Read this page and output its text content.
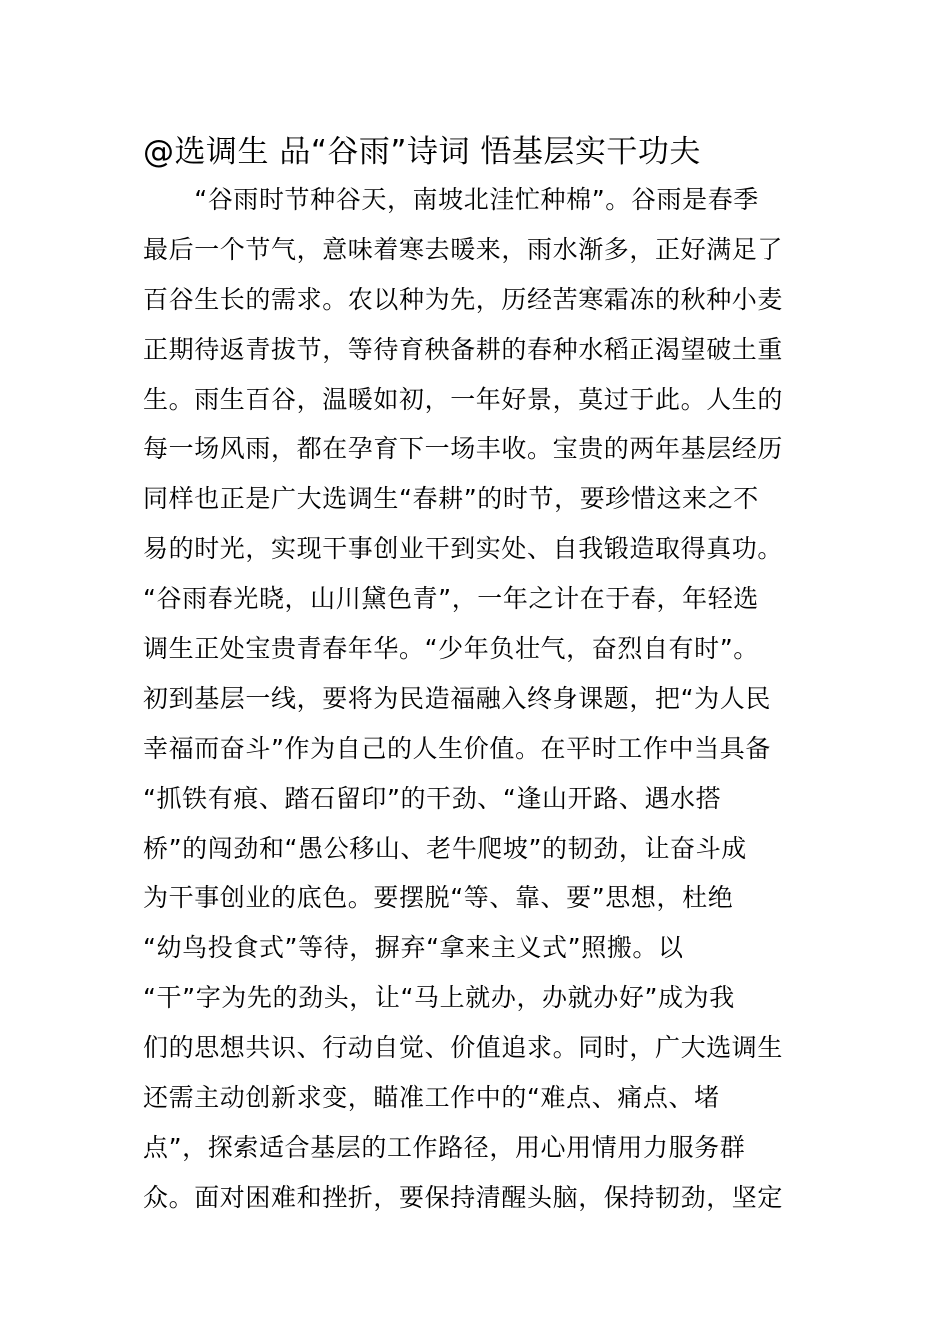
@选调生 品“谷雨”诗词 悟基层实干功夫
　　“谷雨时节种谷天，南坡北洼忙种棉”。谷雨是春季
最后一个节气，意味着寒去暖来，雨水渐多，正好满足了
百谷生长的需求。农以种为先，历经苦寒霜冻的秋种小麦
正期待返青拔节，等待育秧备耕的春种水稻正渴望破土重
生。雨生百谷，温暖如初，一年好景，莫过于此。人生的
每一场风雨，都在孕育下一场丰收。宝贵的两年基层经历
同样也正是广大选调生“春耕”的时节，要珍惜这来之不
易的时光，实现干事创业干到实处、自我锻造取得真功。
“谷雨春光晓，山川黛色青”，一年之计在于春，年轻选
调生正处宝贵青春年华。“少年负壮气，奋烈自有时”。
初到基层一线，要将为民造福融入终身课题，把“为人民
幸福而奋斗”作为自己的人生价值。在平时工作中当具备
“抓铁有痕、踏石留印”的干劲、“逢山开路、遇水搭
桥”的闯劲和“愚公移山、老牛爬坡”的韧劲，让奋斗成
为干事创业的底色。要摆脱“等、靠、要”思想，杜绝
“幼鸟投食式”等待，摒弃“拿来主义式”照搬。以
“干”字为先的劲头，让“马上就办，办就办好”成为我
们的思想共识、行动自觉、价值追求。同时，广大选调生
还需主动创新求变，瞄准工作中的“难点、痛点、堵
点”，探索适合基层的工作路径，用心用情用力服务群
众。面对困难和挫折，要保持清醒头脑，保持韧劲，坚定
